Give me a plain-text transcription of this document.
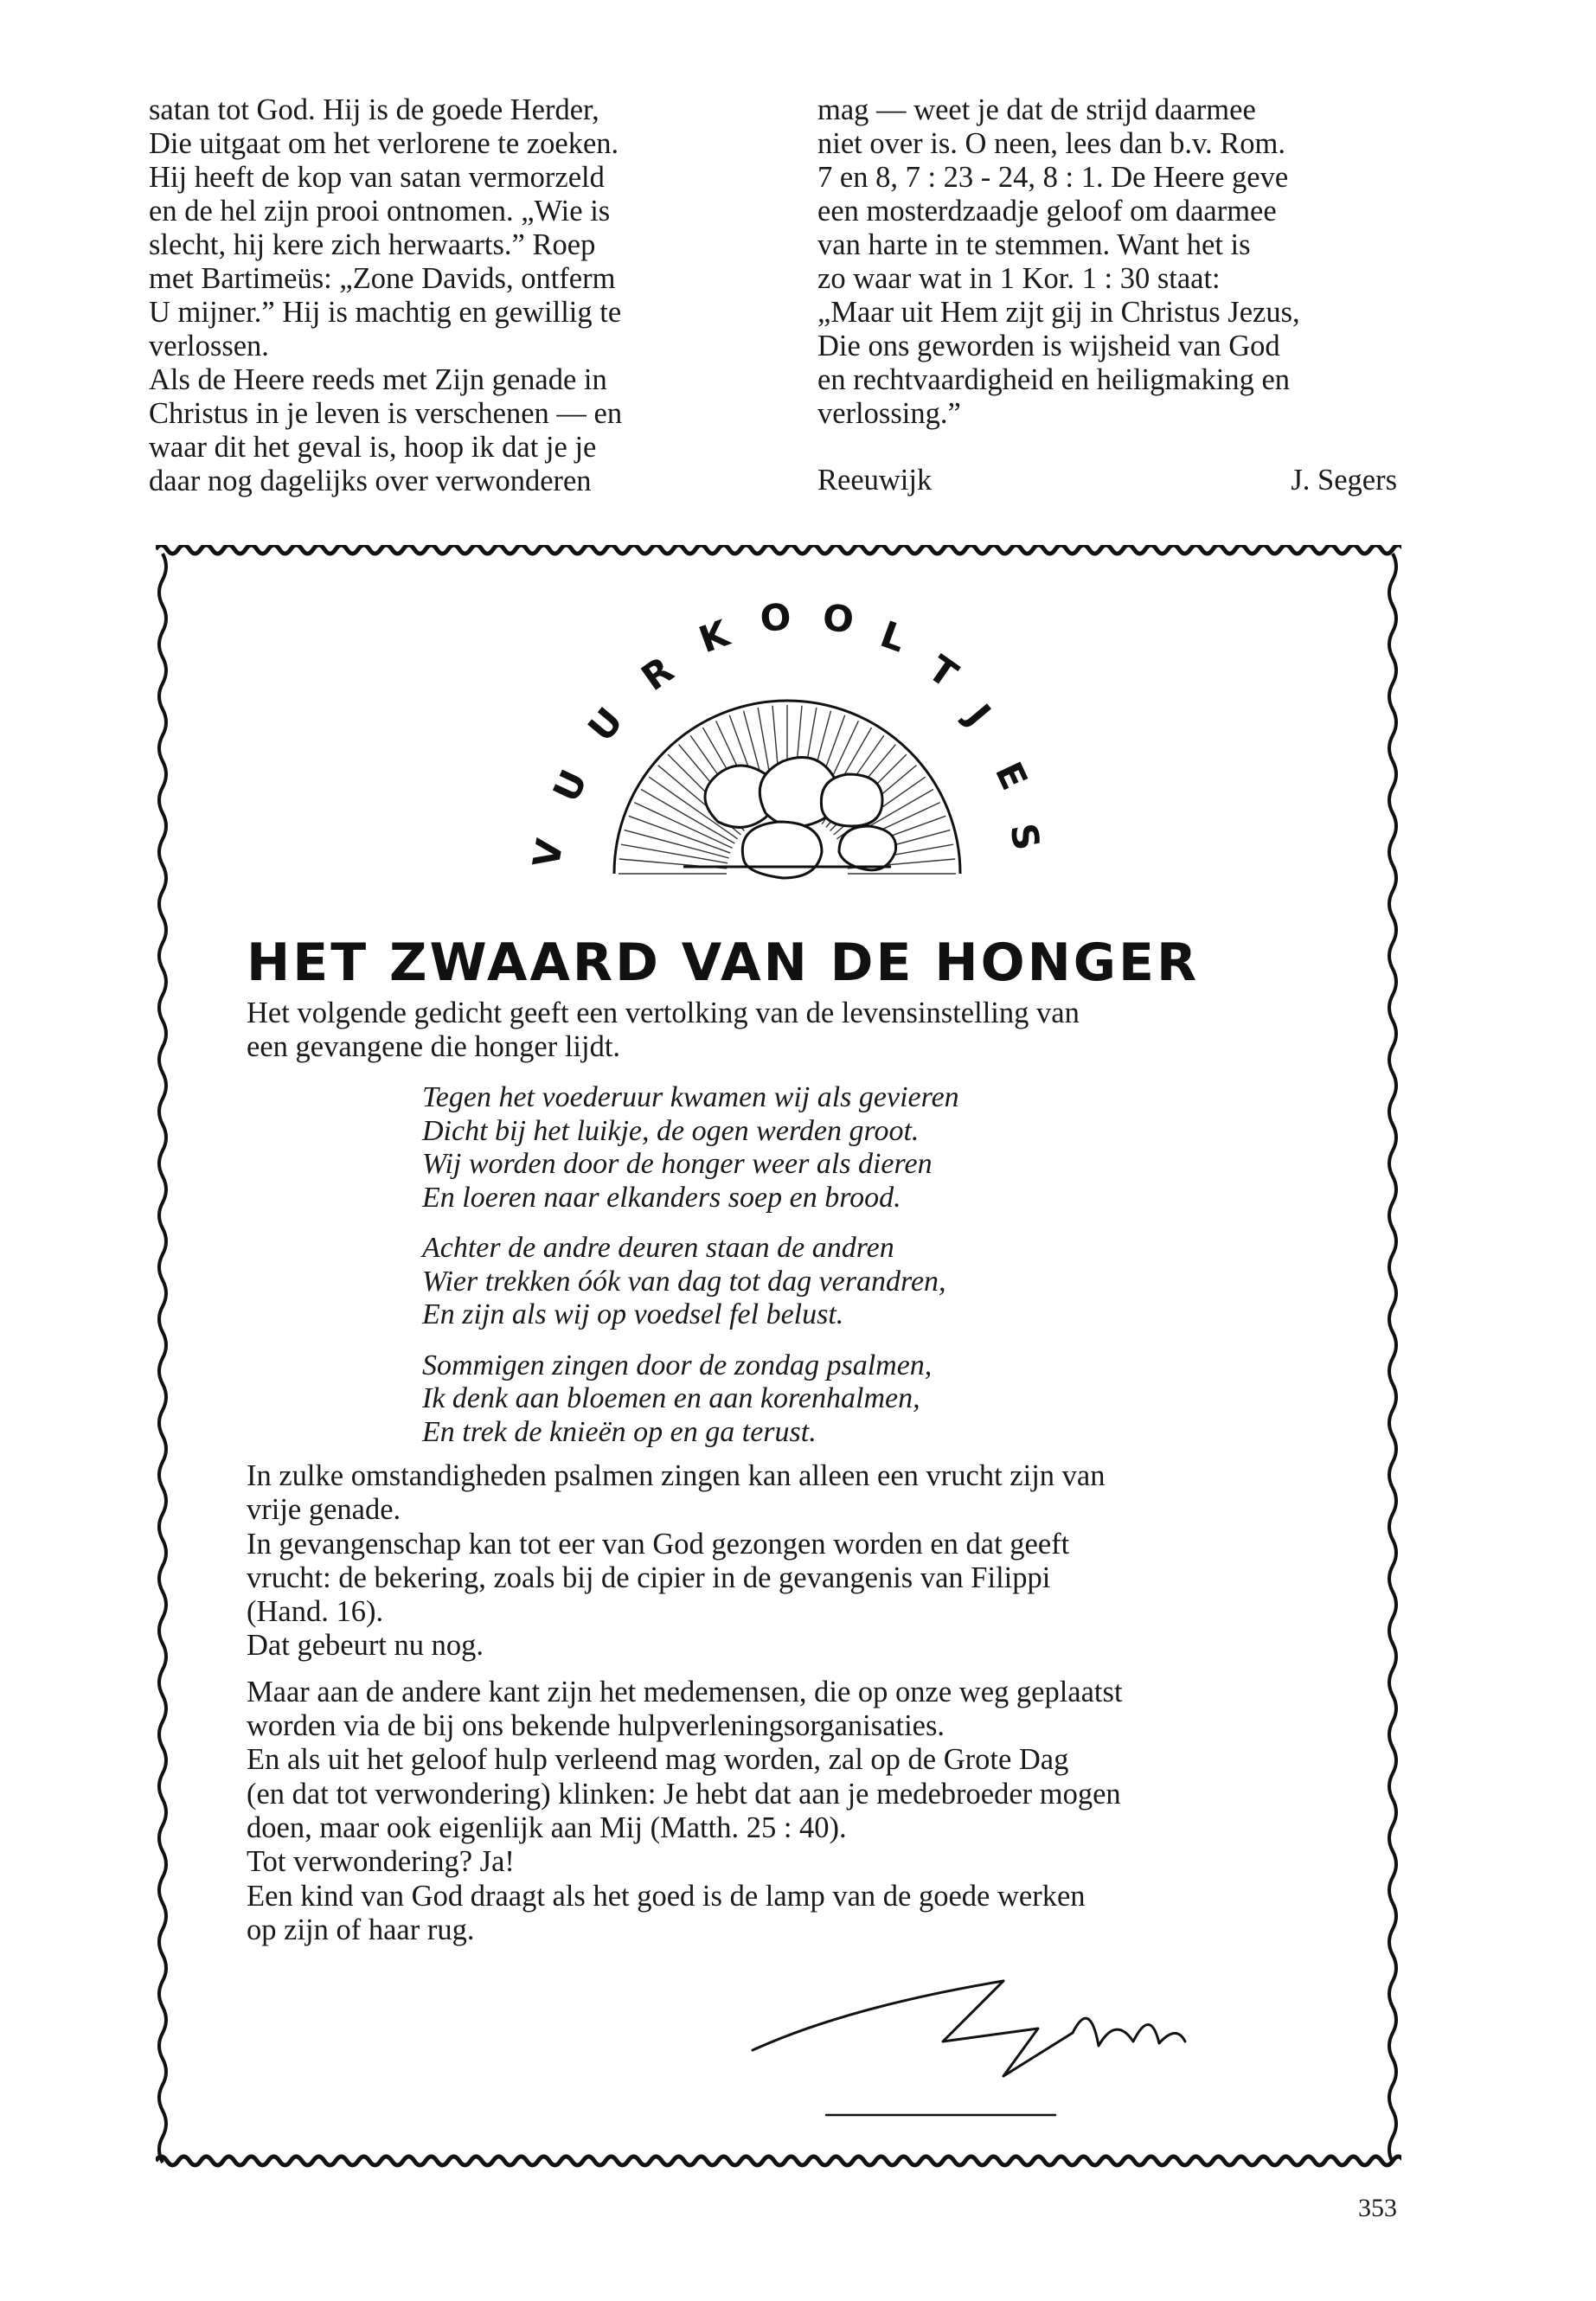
satan tot God. Hij is de goede Herder,
Die uitgaat om het verlorene te zoeken.
Hij heeft de kop van satan vermorzeld
en de hel zijn prooi ontnomen. „Wie is
slecht, hij kere zich herwaarts.” Roep
met Bartimeüs: „Zone Davids, ontferm
U mijner.” Hij is machtig en gewillig te
verlossen.
Als de Heere reeds met Zijn genade in
Christus in je leven is verschenen — en
waar dit het geval is, hoop ik dat je je
daar nog dagelijks over verwonderen
mag — weet je dat de strijd daarmee
niet over is. O neen, lees dan b.v. Rom.
7 en 8, 7 : 23 - 24, 8 : 1. De Heere geve
een mosterdzaadje geloof om daarmee
van harte in te stemmen. Want het is
zo waar wat in 1 Kor. 1 : 30 staat:
„Maar uit Hem zijt gij in Christus Jezus,
Die ons geworden is wijsheid van God
en rechtvaardigheid en heiligmaking en
verlossing.”
Reeuwijk	J. Segers
V
U
U
R
K O O L
T
J
E
S
HET ZWAARD VAN DE HONGER
Het volgende gedicht geeft een vertolking van de levensinstelling van
een gevangene die honger lijdt.
Tegen het voederuur kwamen wij als gevieren
Dicht bij het luikje, de ogen werden groot.
Wij worden door de honger weer als dieren
En loeren naar elkanders soep en brood.
Achter de andre deuren staan de andren
Wier trekken óók van dag tot dag verandren,
En zijn als wij op voedsel fel belust.
Sommigen zingen door de zondag psalmen,
Ik denk aan bloemen en aan korenhalmen,
En trek de knieën op en ga terust.
In zulke omstandigheden psalmen zingen kan alleen een vrucht zijn van
vrije genade.
In gevangenschap kan tot eer van God gezongen worden en dat geeft
vrucht: de bekering, zoals bij de cipier in de gevangenis van Filippi
(Hand. 16).
Dat gebeurt nu nog.
Maar aan de andere kant zijn het medemensen, die op onze weg geplaatst
worden via de bij ons bekende hulpverleningsorganisaties.
En als uit het geloof hulp verleend mag worden, zal op de Grote Dag
(en dat tot verwondering) klinken: Je hebt dat aan je medebroeder mogen
doen, maar ook eigenlijk aan Mij (Matth. 25 : 40).
Tot verwondering? Ja!
Een kind van God draagt als het goed is de lamp van de goede werken
op zijn of haar rug.
353
